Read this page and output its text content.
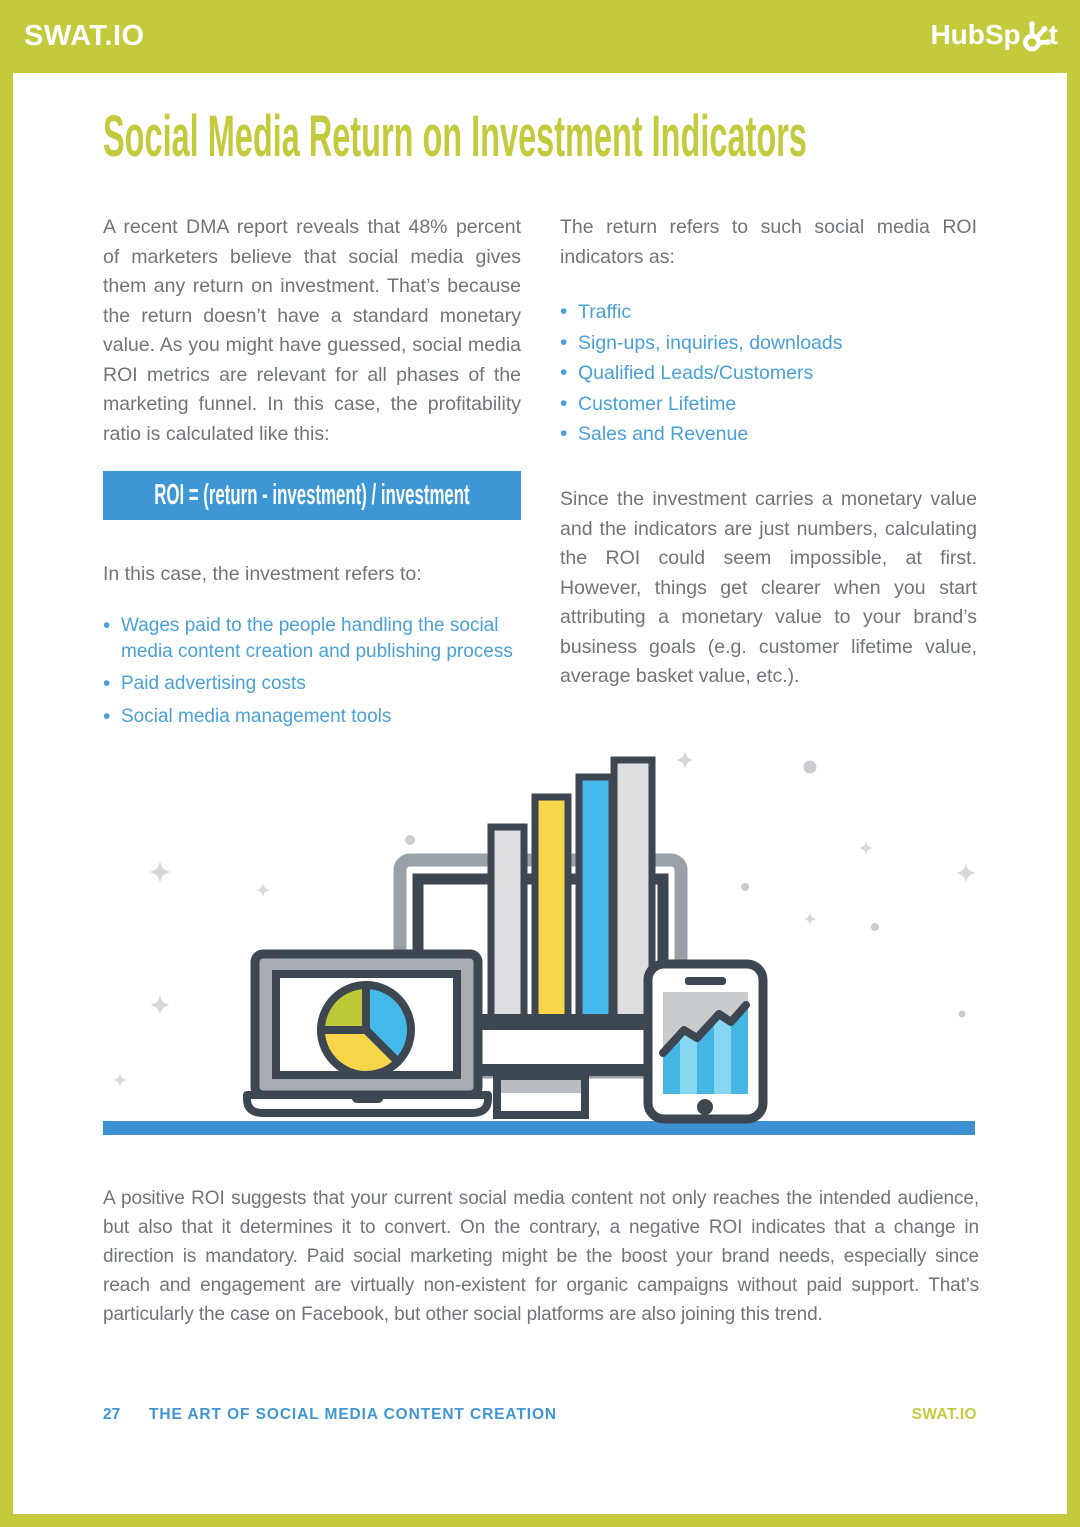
SWAT.IO	HubSp t
Social Media Return on Investment Indicators

A recent DMA report reveals that 48% percent of marketers believe that social media gives them any return on investment. That’s because the return doesn’t have a standard monetary value. As you might have guessed, social media ROI metrics are relevant for all phases of the marketing funnel. In this case, the profitability ratio is calculated like this:

The return refers to such social media ROI indicators as:

•
Traffic
•
Sign-ups, inquiries, downloads
•
Qualified Leads/Customers
•
Customer Lifetime
•
Sales and Revenue
ROI = (return - investment) / investment
In this case, the investment refers to:
•
Wages paid to the people handling the social media content creation and publishing process
•
Paid advertising costs
•
Social media management tools

Since the investment carries a monetary value and the indicators are just numbers, calculating the ROI could seem impossible, at first. However, things get clearer when you start attributing a monetary value to your brand’s business goals (e.g. customer lifetime value, average basket value, etc.).

A positive ROI suggests that your current social media content not only reaches the intended audience, but also that it determines it to convert. On the contrary, a negative ROI indicates that a change in direction is mandatory. Paid social marketing might be the boost your brand needs, especially since reach and engagement are virtually non-existent for organic campaigns without paid support. That’s particularly the case on Facebook, but other social platforms are also joining this trend.

27 THE ART OF SOCIAL MEDIA CONTENT CREATION	SWAT.IO
